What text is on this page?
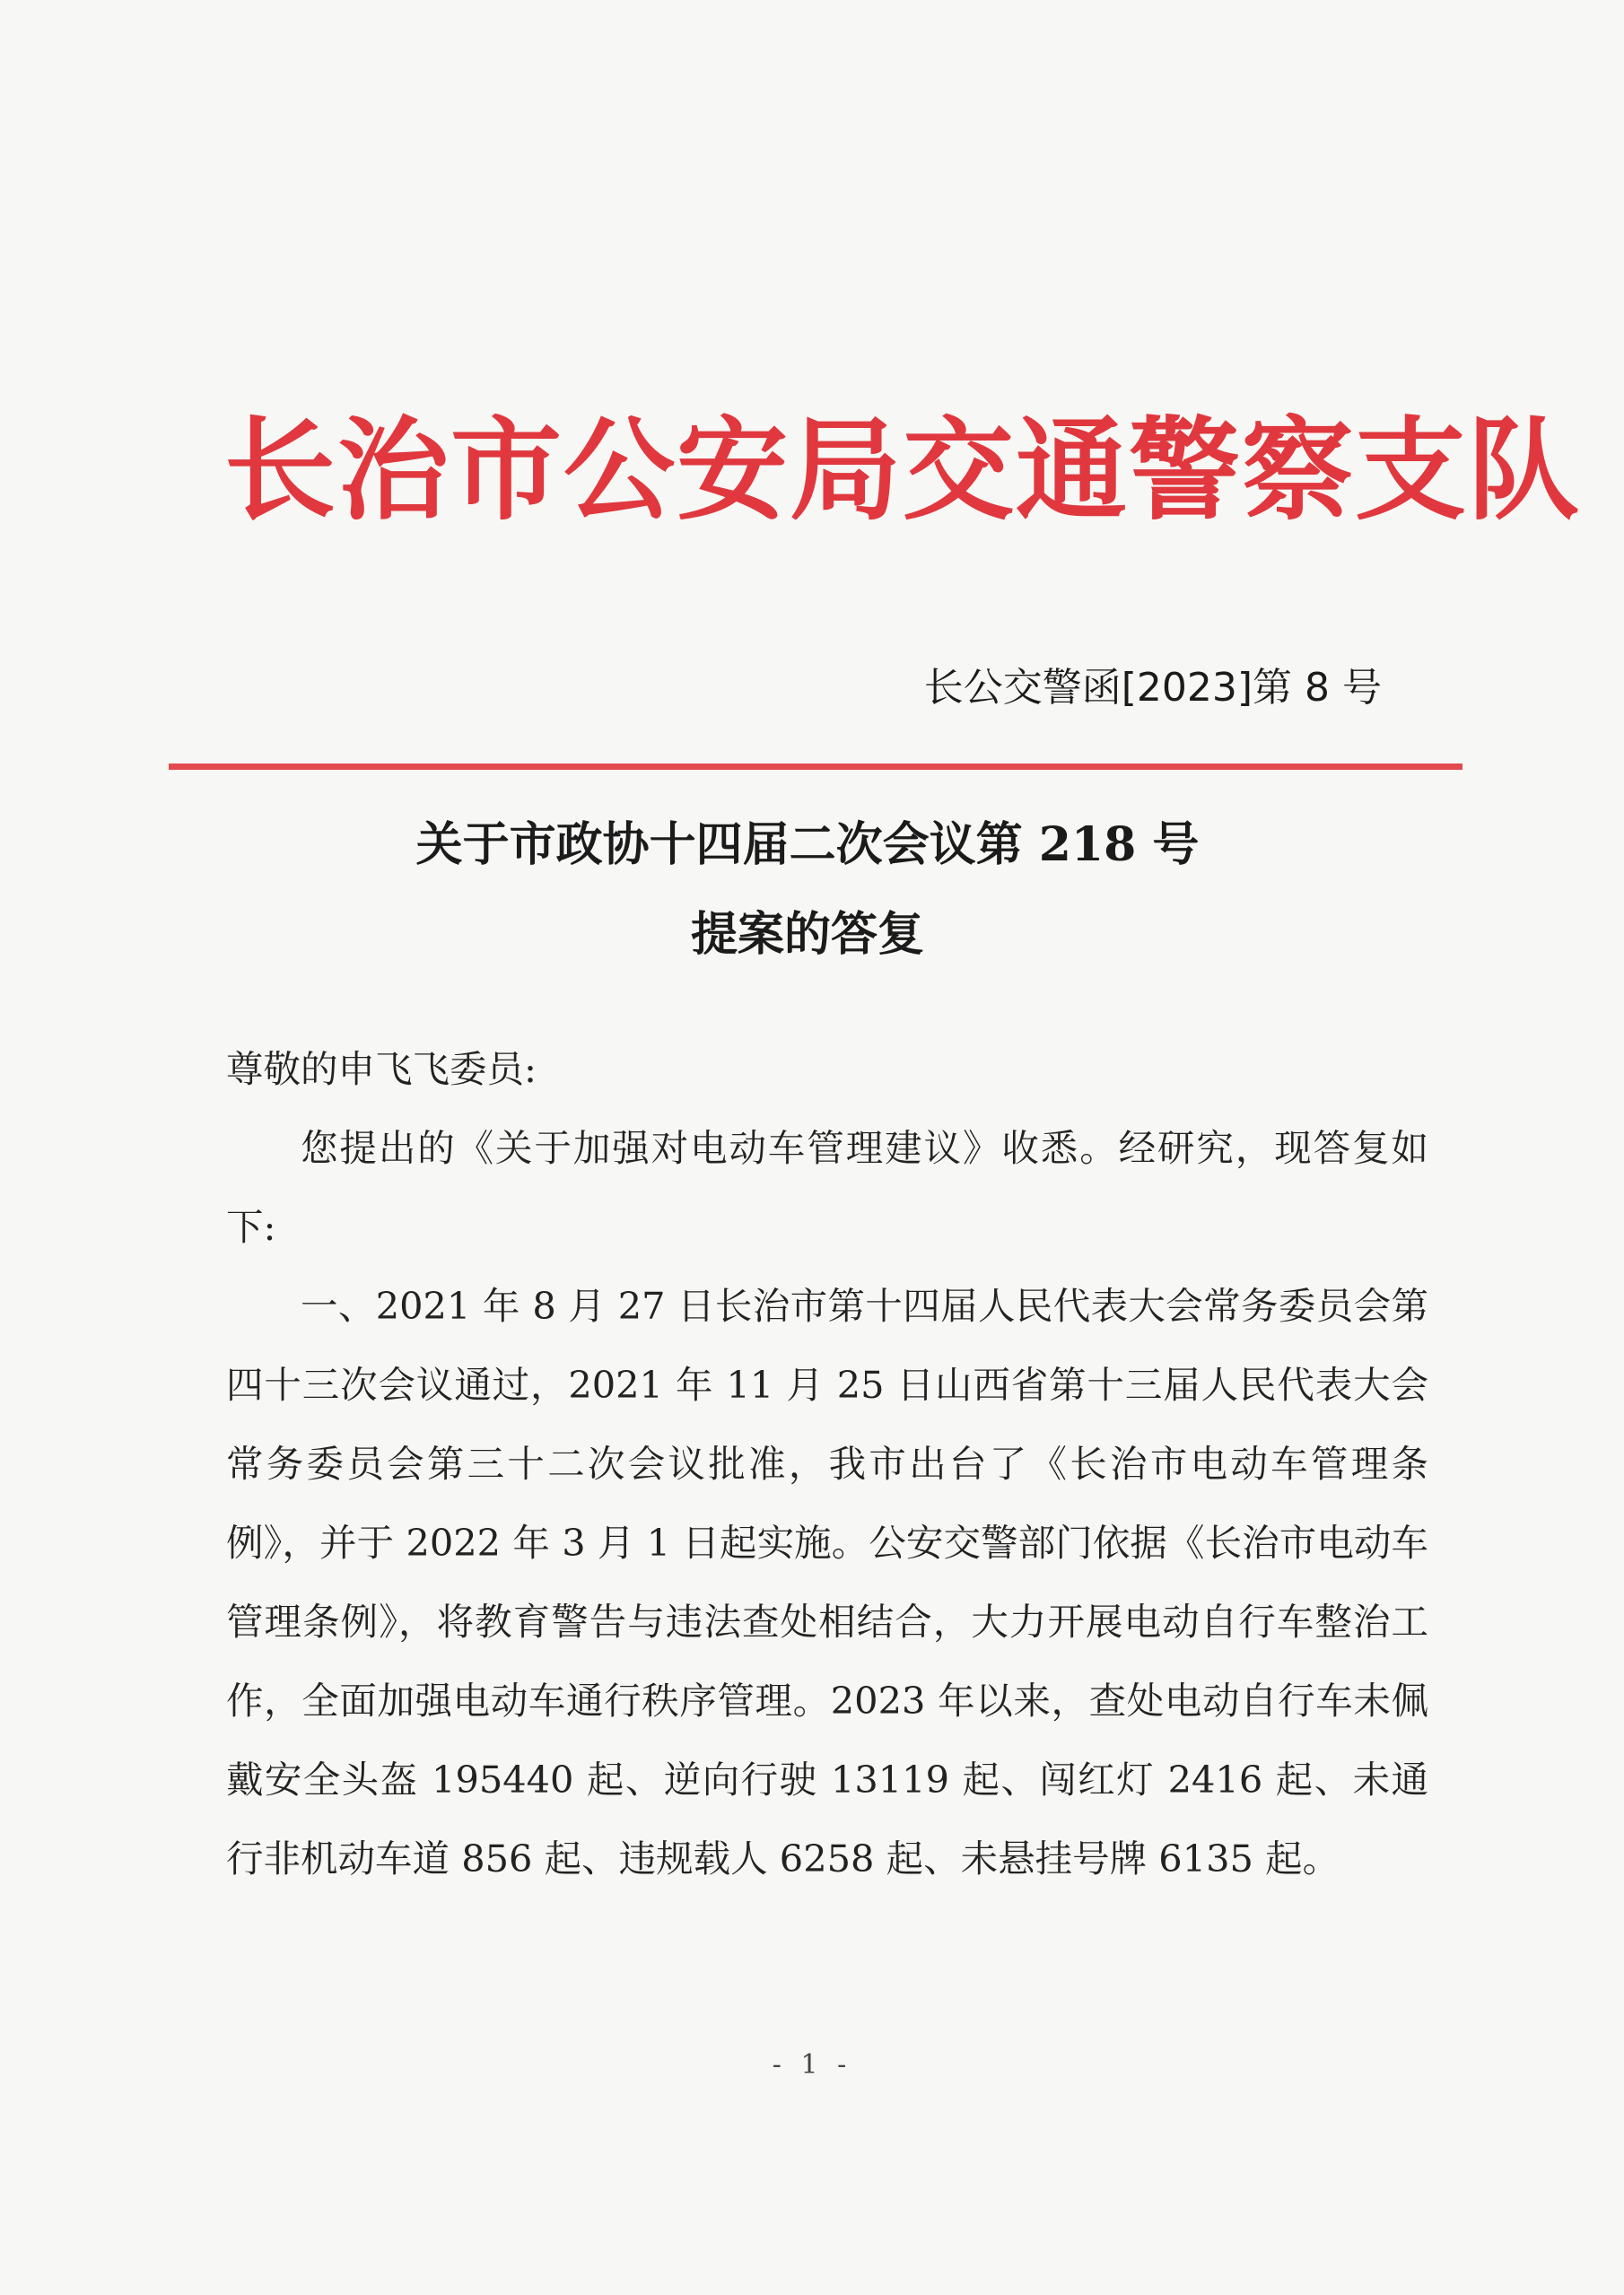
长治市公安局交通警察支队
长公交警函[2023]第 8 号
关于市政协十四届二次会议第 218 号
提案的答复

尊敬的申飞飞委员:

您提出的《关于加强对电动车管理建议》收悉。经研究，现答复如下:

一、2021 年 8 月 27 日长治市第十四届人民代表大会常务委员会第四十三次会议通过，2021 年 11 月 25 日山西省第十三届人民代表大会常务委员会第三十二次会议批准，我市出台了《长治市电动车管理条例》，并于 2022 年 3 月 1 日起实施。公安交警部门依据《长治市电动车管理条例》，将教育警告与违法查处相结合，大力开展电动自行车整治工作，全面加强电动车通行秩序管理。2023 年以来，查处电动自行车未佩戴安全头盔 195440 起、逆向行驶 13119 起、闯红灯 2416 起、未通行非机动车道 856 起、违规载人 6258 起、未悬挂号牌 6135 起。

- 1 -
